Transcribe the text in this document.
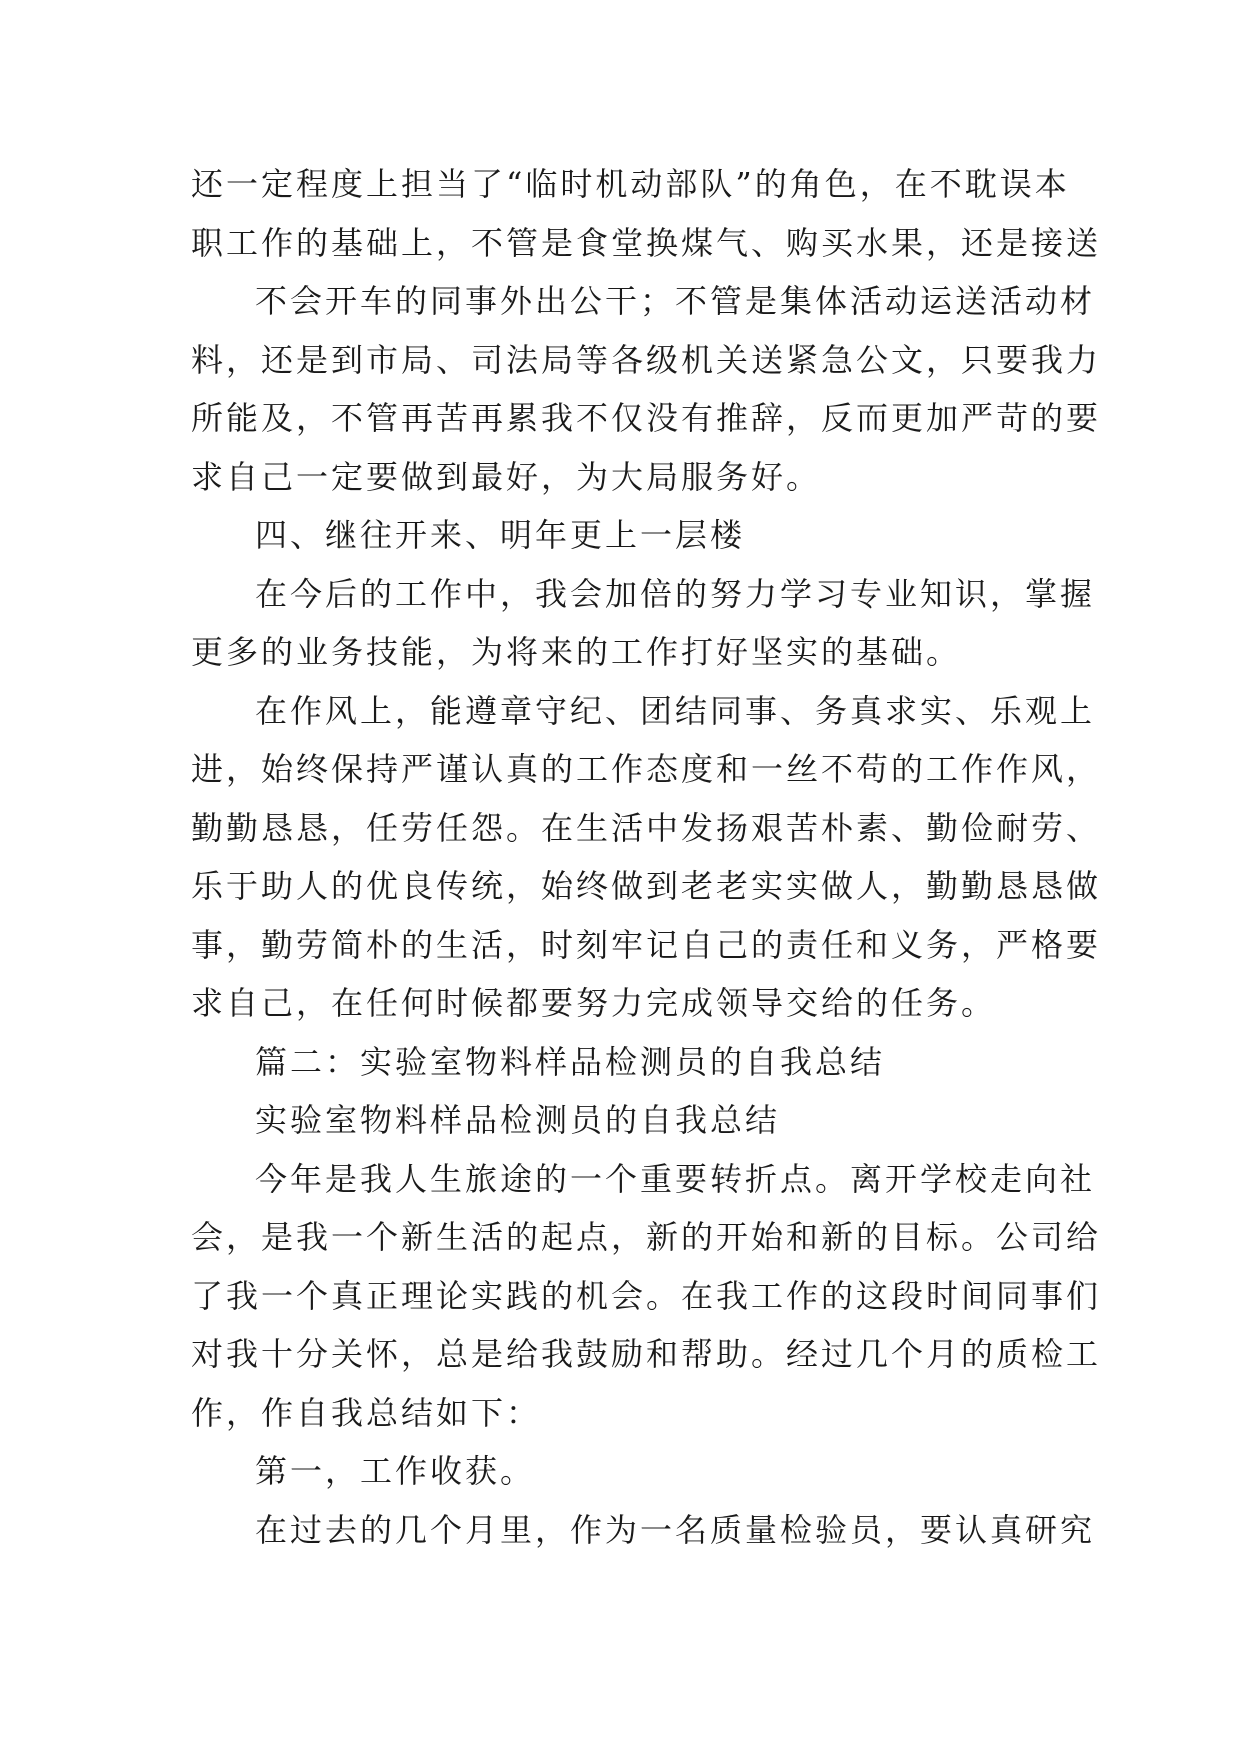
还一定程度上担当了“临时机动部队”的角色，在不耽误本
职工作的基础上，不管是食堂换煤气、购买水果，还是接送
不会开车的同事外出公干；不管是集体活动运送活动材
料，还是到市局、司法局等各级机关送紧急公文，只要我力
所能及，不管再苦再累我不仅没有推辞，反而更加严苛的要
求自己一定要做到最好，为大局服务好。
四、继往开来、明年更上一层楼
在今后的工作中，我会加倍的努力学习专业知识，掌握
更多的业务技能，为将来的工作打好坚实的基础。
在作风上，能遵章守纪、团结同事、务真求实、乐观上
进，始终保持严谨认真的工作态度和一丝不苟的工作作风，
勤勤恳恳，任劳任怨。在生活中发扬艰苦朴素、勤俭耐劳、
乐于助人的优良传统，始终做到老老实实做人，勤勤恳恳做
事，勤劳简朴的生活，时刻牢记自己的责任和义务，严格要
求自己，在任何时候都要努力完成领导交给的任务。
篇二：实验室物料样品检测员的自我总结
实验室物料样品检测员的自我总结
今年是我人生旅途的一个重要转折点。离开学校走向社
会，是我一个新生活的起点，新的开始和新的目标。公司给
了我一个真正理论实践的机会。在我工作的这段时间同事们
对我十分关怀，总是给我鼓励和帮助。经过几个月的质检工
作，作自我总结如下：
第一，工作收获。
在过去的几个月里，作为一名质量检验员，要认真研究
